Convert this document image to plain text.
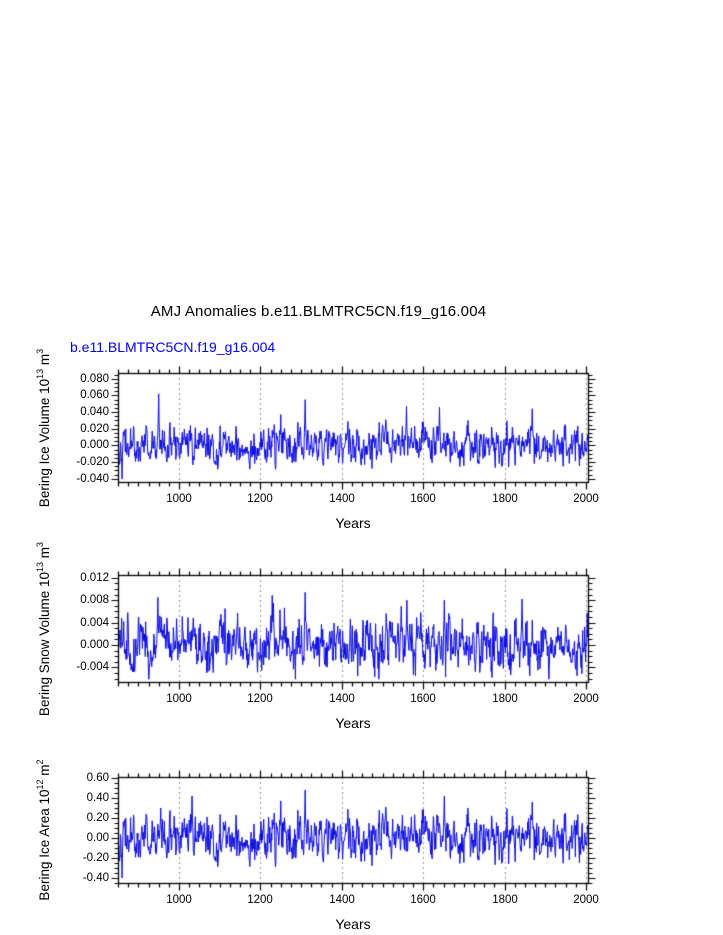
AMJ Anomalies b.e11.BLMTRC5CN.f19_g16.004
b.e11.BLMTRC5CN.f19_g16.004
Bering Ice Volume $10^{13}$ $m^3$
Years
Bering Snow Volume $10^{13}$ $m^3$
Years
Bering Ice Area $10^{12}$ $m^2$
Years
1000	1200	1400	1600	1800	2000
0.080
0.060
0.040
0.020
0.000
-0.020
-0.040
1000	1200	1400	1600	1800	2000
0.012
0.008
0.004
0.000
-0.004
1000	1200	1400	1600	1800	2000
0.60
0.40
0.20
0.00
-0.20
-0.40
